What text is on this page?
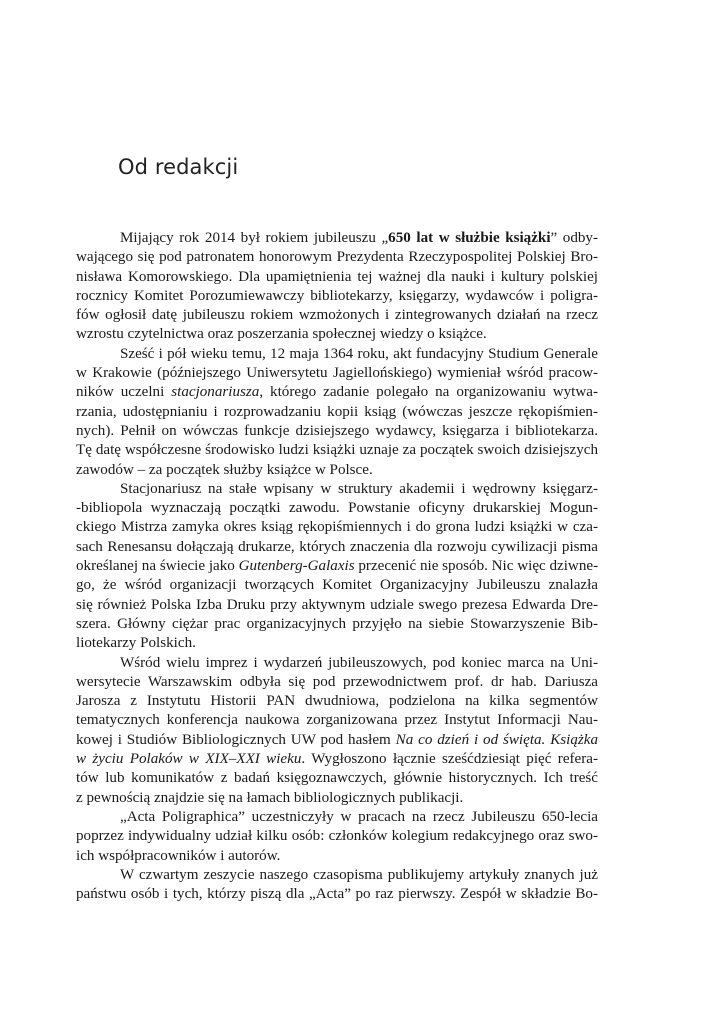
Od redakcji
Mijający rok 2014 był rokiem jubileuszu „650 lat w służbie książki” odby-
wającego się pod patronatem honorowym Prezydenta Rzeczypospolitej Polskiej Bro-
nisława Komorowskiego. Dla upamiętnienia tej ważnej dla nauki i kultury polskiej
rocznicy Komitet Porozumiewawczy bibliotekarzy, księgarzy, wydawców i poligra-
fów ogłosił datę jubileuszu rokiem wzmożonych i zintegrowanych działań na rzecz
wzrostu czytelnictwa oraz poszerzania społecznej wiedzy o książce.
Sześć i pół wieku temu, 12 maja 1364 roku, akt fundacyjny Studium Generale
w Krakowie (późniejszego Uniwersytetu Jagiellońskiego) wymieniał wśród pracow-
ników uczelni stacjonariusza, którego zadanie polegało na organizowaniu wytwa-
rzania, udostępnianiu i rozprowadzaniu kopii ksiąg (wówczas jeszcze rękopiśmien-
nych). Pełnił on wówczas funkcje dzisiejszego wydawcy, księgarza i bibliotekarza.
Tę datę współczesne środowisko ludzi książki uznaje za początek swoich dzisiejszych
zawodów – za początek służby książce w Polsce.
Stacjonariusz na stałe wpisany w struktury akademii i wędrowny księgarz-
-bibliopola wyznaczają początki zawodu. Powstanie oficyny drukarskiej Mogun-
ckiego Mistrza zamyka okres ksiąg rękopiśmiennych i do grona ludzi książki w cza-
sach Renesansu dołączają drukarze, których znaczenia dla rozwoju cywilizacji pisma
określanej na świecie jako Gutenberg-Galaxis przecenić nie sposób. Nic więc dziwne-
go, że wśród organizacji tworzących Komitet Organizacyjny Jubileuszu znalazła
się również Polska Izba Druku przy aktywnym udziale swego prezesa Edwarda Dre-
szera. Główny ciężar prac organizacyjnych przyjęło na siebie Stowarzyszenie Bib-
liotekarzy Polskich.
Wśród wielu imprez i wydarzeń jubileuszowych, pod koniec marca na Uni-
wersytecie Warszawskim odbyła się pod przewodnictwem prof. dr hab. Dariusza
Jarosza z Instytutu Historii PAN dwudniowa, podzielona na kilka segmentów
tematycznych konferencja naukowa zorganizowana przez Instytut Informacji Nau-
kowej i Studiów Bibliologicznych UW pod hasłem Na co dzień i od święta. Książka
w życiu Polaków w XIX–XXI wieku. Wygłoszono łącznie sześćdziesiąt pięć refera-
tów lub komunikatów z badań księgoznawczych, głównie historycznych. Ich treść
z pewnością znajdzie się na łamach bibliologicznych publikacji.
„Acta Poligraphica” uczestniczyły w pracach na rzecz Jubileuszu 650-lecia
poprzez indywidualny udział kilku osób: członków kolegium redakcyjnego oraz swo-
ich współpracowników i autorów.
W czwartym zeszycie naszego czasopisma publikujemy artykuły znanych już
państwu osób i tych, którzy piszą dla „Acta” po raz pierwszy. Zespół w składzie Bo-
